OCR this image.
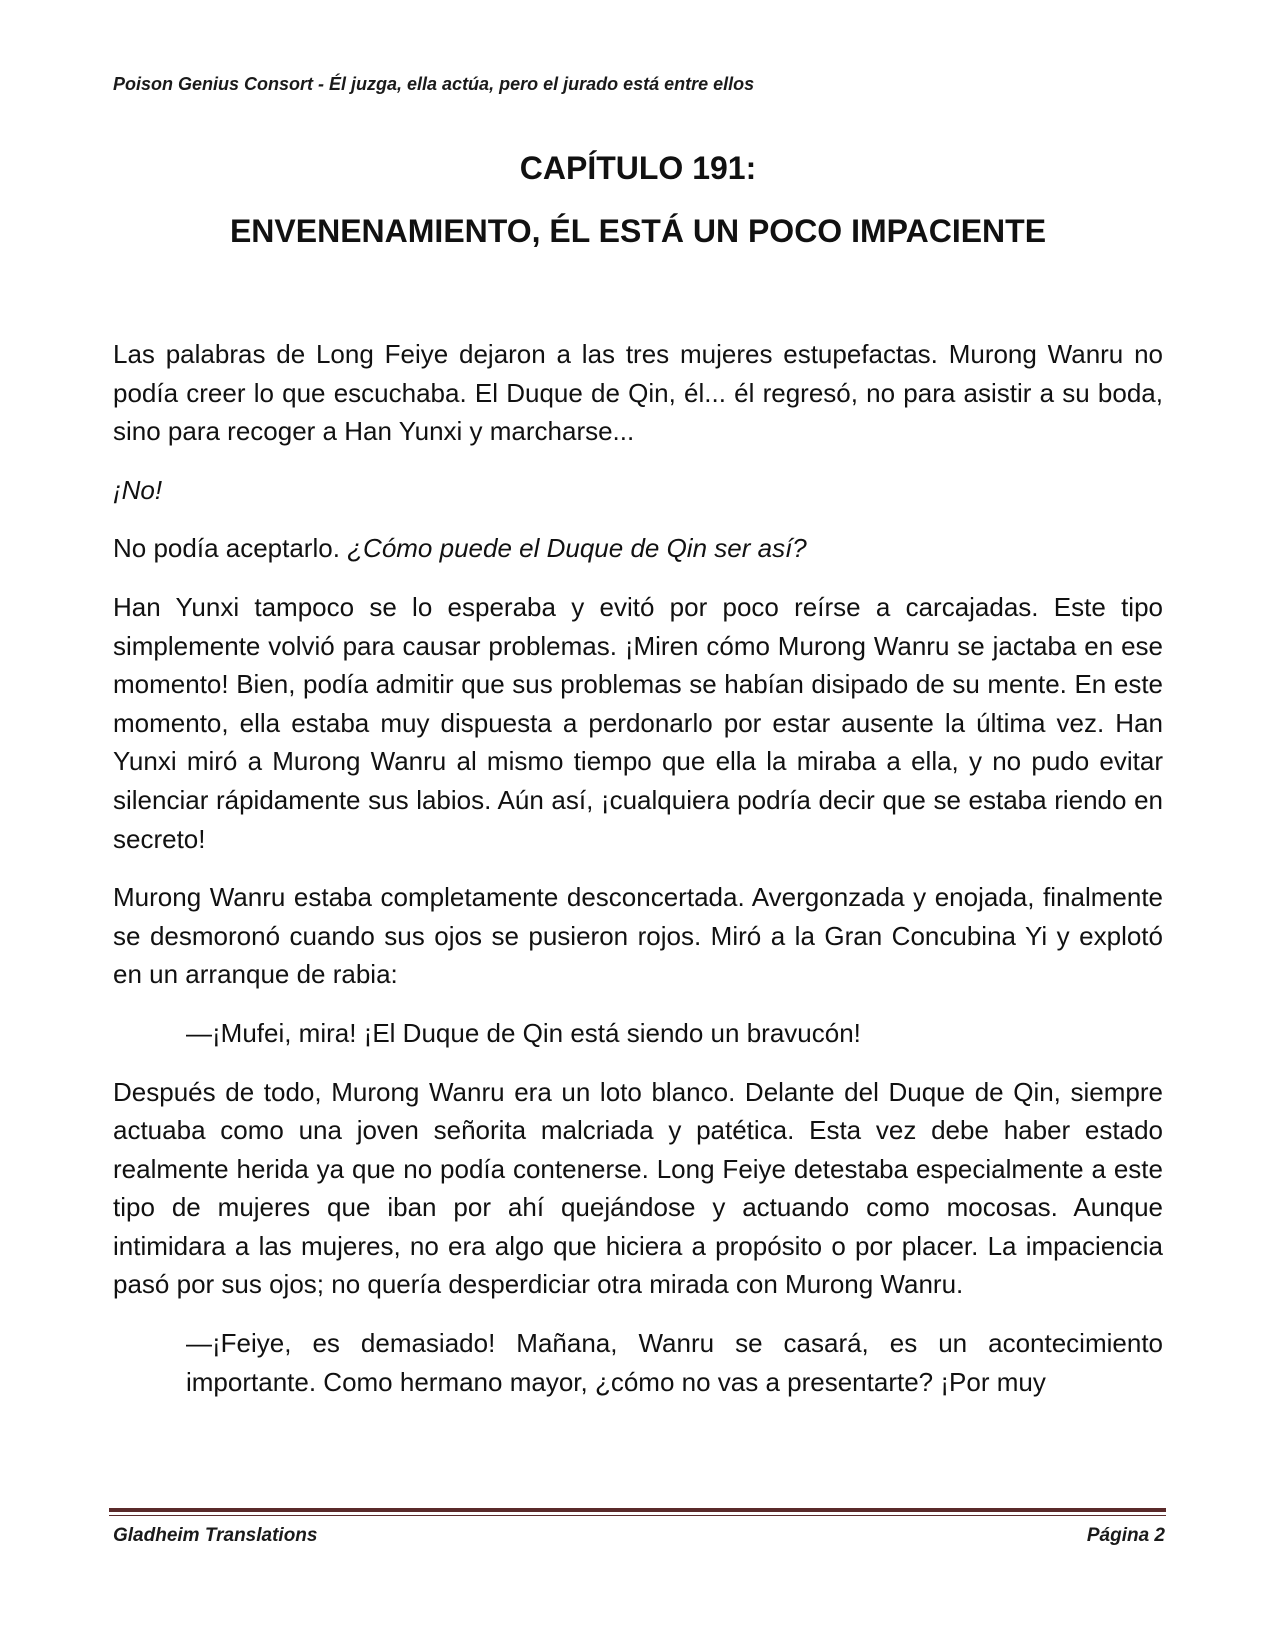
Poison Genius Consort - Él juzga, ella actúa, pero el jurado está entre ellos
CAPÍTULO 191:
ENVENENAMIENTO, ÉL ESTÁ UN POCO IMPACIENTE

Las palabras de Long Feiye dejaron a las tres mujeres estupefactas. Murong Wanru no podía creer lo que escuchaba. El Duque de Qin, él... él regresó, no para asistir a su boda, sino para recoger a Han Yunxi y marcharse...

¡No!

No podía aceptarlo. ¿Cómo puede el Duque de Qin ser así?

Han Yunxi tampoco se lo esperaba y evitó por poco reírse a carcajadas. Este tipo simplemente volvió para causar problemas. ¡Miren cómo Murong Wanru se jactaba en ese momento! Bien, podía admitir que sus problemas se habían disipado de su mente. En este momento, ella estaba muy dispuesta a perdonarlo por estar ausente la última vez. Han Yunxi miró a Murong Wanru al mismo tiempo que ella la miraba a ella, y no pudo evitar silenciar rápidamente sus labios. Aún así, ¡cualquiera podría decir que se estaba riendo en secreto!

Murong Wanru estaba completamente desconcertada. Avergonzada y enojada, finalmente se desmoronó cuando sus ojos se pusieron rojos. Miró a la Gran Concubina Yi y explotó en un arranque de rabia:

—¡Mufei, mira! ¡El Duque de Qin está siendo un bravucón!

Después de todo, Murong Wanru era un loto blanco. Delante del Duque de Qin, siempre actuaba como una joven señorita malcriada y patética. Esta vez debe haber estado realmente herida ya que no podía contenerse. Long Feiye detestaba especialmente a este tipo de mujeres que iban por ahí quejándose y actuando como mocosas. Aunque intimidara a las mujeres, no era algo que hiciera a propósito o por placer. La impaciencia pasó por sus ojos; no quería desperdiciar otra mirada con Murong Wanru.

—¡Feiye, es demasiado! Mañana, Wanru se casará, es un acontecimiento importante. Como hermano mayor, ¿cómo no vas a presentarte? ¡Por muy

Gladheim Translations	Página 2
